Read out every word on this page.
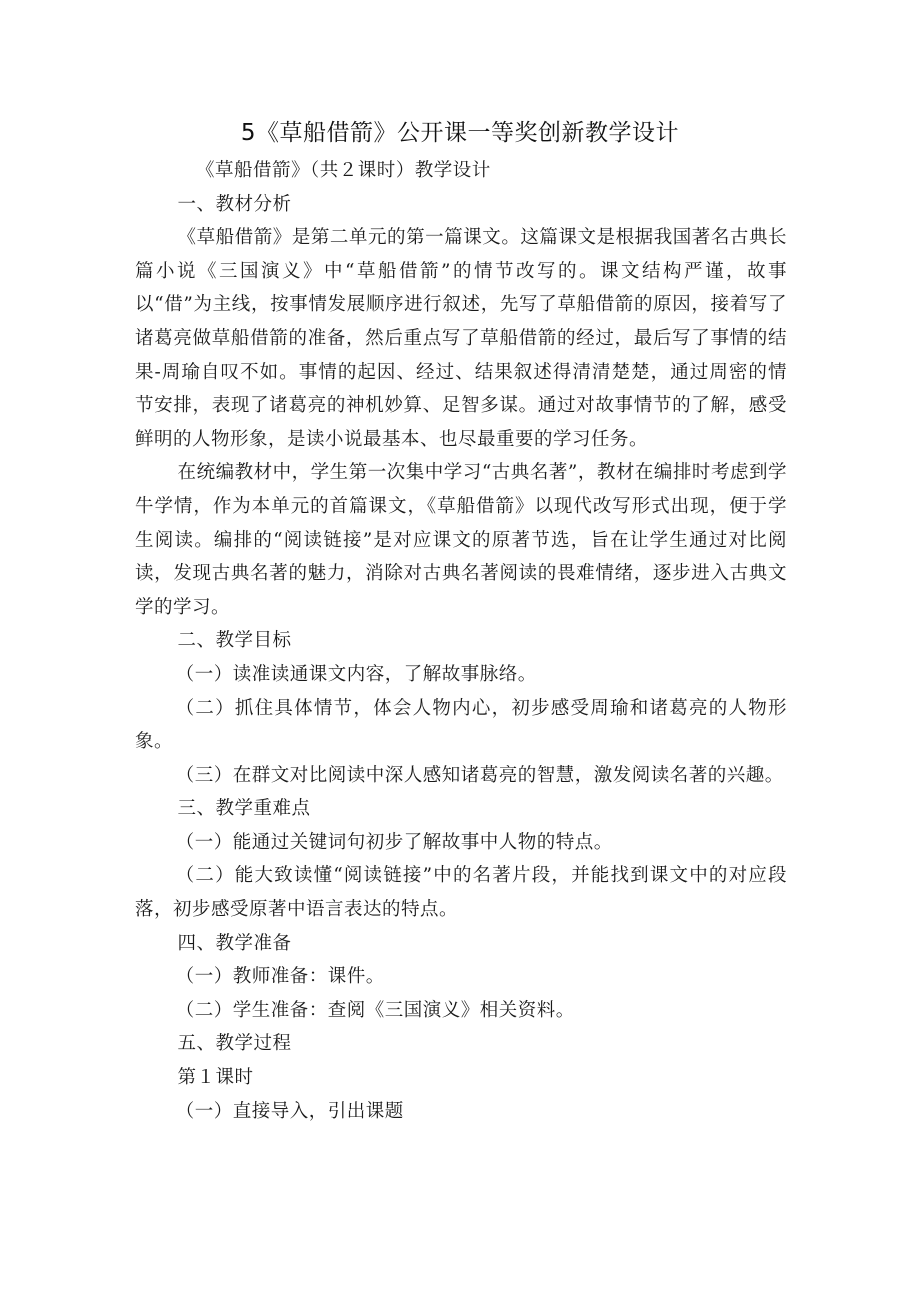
5《草船借箭》公开课一等奖创新教学设计

《草船借箭》（共２课时）教学设计

一、教材分析

《草船借箭》是第二单元的第一篇课文。这篇课文是根据我国著名古典长篇小说《三国演义》中“草船借箭”的情节改写的。课文结构严谨，故事以“借”为主线，按事情发展顺序进行叙述，先写了草船借箭的原因，接着写了诸葛亮做草船借箭的准备，然后重点写了草船借箭的经过，最后写了事情的结果-周瑜自叹不如。事情的起因、经过、结果叙述得清清楚楚，通过周密的情节安排，表现了诸葛亮的神机妙算、足智多谋。通过对故事情节的了解，感受鲜明的人物形象，是读小说最基本、也尽最重要的学习任务。

在统编教材中，学生第一次集中学习“古典名著”，教材在编排时考虑到学牛学情，作为本单元的首篇课文，《草船借箭》以现代改写形式出现，便于学生阅读。编排的“阅读链接”是对应课文的原著节选，旨在让学生通过对比阅读，发现古典名著的魅力，消除对古典名著阅读的畏难情绪，逐步进入古典文学的学习。

二、教学目标

（一）读准读通课文内容，了解故事脉络。

（二）抓住具体情节，体会人物内心，初步感受周瑜和诸葛亮的人物形象。

（三）在群文对比阅读中深人感知诸葛亮的智慧，激发阅读名著的兴趣。

三、教学重难点

（一）能通过关键词句初步了解故事中人物的特点。

（二）能大致读懂“阅读链接”中的名著片段，并能找到课文中的对应段落，初步感受原著中语言表达的特点。

四、教学准备

（一）教师准备：课件。

（二）学生准备：查阅《三国演义》相关资料。

五、教学过程

第１课时

（一）直接导入，引出课题
